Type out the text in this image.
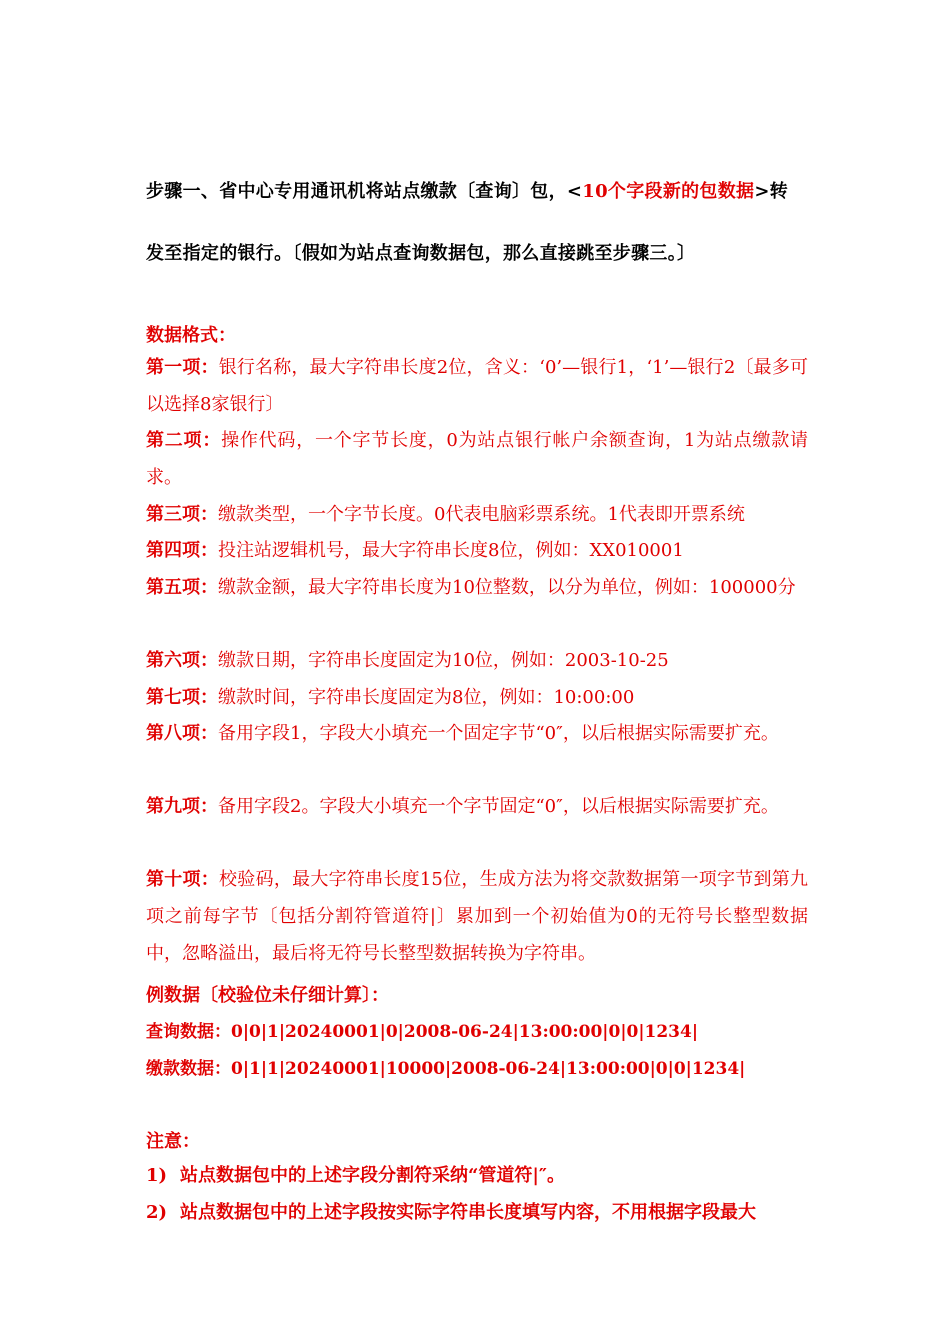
步骤一、省中心专用通讯机将站点缴款〔查询〕包，<10个字段新的包数据>转
发至指定的银行。〔假如为站点查询数据包，那么直接跳至步骤三。〕
数据格式：
第一项：银行名称，最大字符串长度2位，含义：‘0’—银行1，‘1’—银行2〔最多可以选择8家银行〕
第二项：操作代码，一个字节长度，0为站点银行帐户余额查询，1为站点缴款请求。
第三项：缴款类型，一个字节长度。0代表电脑彩票系统。1代表即开票系统
第四项：投注站逻辑机号，最大字符串长度8位，例如：XX010001
第五项：缴款金额，最大字符串长度为10位整数，以分为单位，例如：100000分
第六项：缴款日期，字符串长度固定为10位，例如：2003-10-25
第七项：缴款时间，字符串长度固定为8位，例如：10:00:00
第八项：备用字段1，字段大小填充一个固定字节“0″，以后根据实际需要扩充。
第九项：备用字段2。字段大小填充一个字节固定“0″，以后根据实际需要扩充。
第十项：校验码，最大字符串长度15位，生成方法为将交款数据第一项字节到第九项之前每字节〔包括分割符管道符|〕累加到一个初始值为0的无符号长整型数据中，忽略溢出，最后将无符号长整型数据转换为字符串。
例数据〔校验位未仔细计算〕：
查询数据：0|0|1|20240001|0|2008-06-24|13:00:00|0|0|1234|
缴款数据：0|1|1|20240001|10000|2008-06-24|13:00:00|0|0|1234|
注意：
1) 站点数据包中的上述字段分割符采纳“管道符|″。
2) 站点数据包中的上述字段按实际字符串长度填写内容，不用根据字段最大
